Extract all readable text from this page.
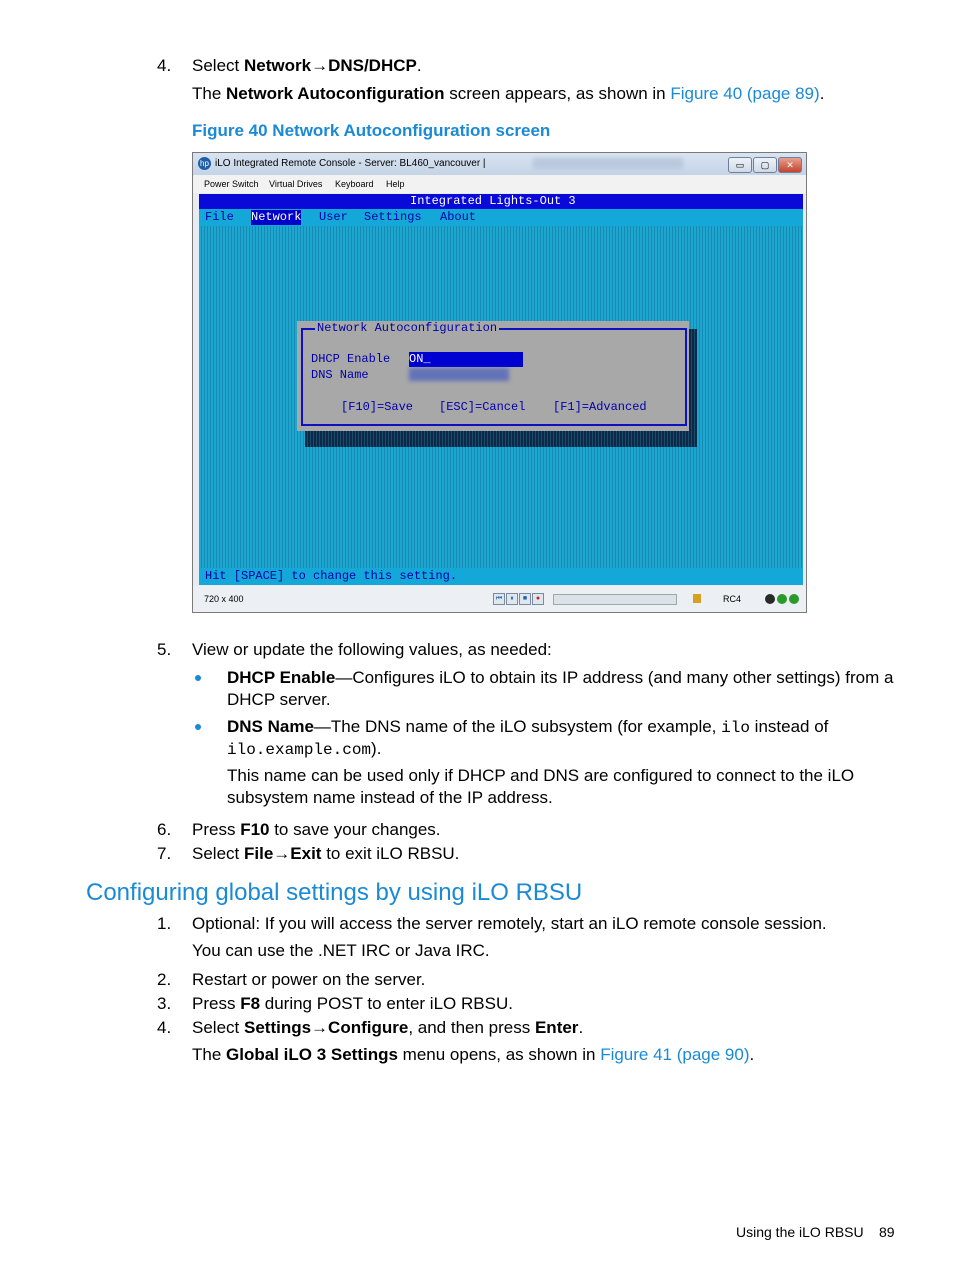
4. Select Network→DNS/DHCP.
The Network Autoconfiguration screen appears, as shown in Figure 40 (page 89).
Figure 40 Network Autoconfiguration screen
hp iLO Integrated Remote Console - Server: BL460_vancouver |	▭	▢	✕
Power Switch Virtual Drives Keyboard Help
Integrated Lights-Out 3
File Network User Settings About
Network Autoconfiguration
DHCP Enable ON_
DNS Name
[F10]=Save [ESC]=Cancel [F1]=Advanced
Hit [SPACE] to change this setting.
720 x 400	⏮	⏸	■	●	RC4
5. View or update the following values, as needed:
DHCP Enable—Configures iLO to obtain its IP address (and many other settings) from a
DHCP server.
DNS Name—The DNS name of the iLO subsystem (for example, ilo instead of
ilo.example.com).
This name can be used only if DHCP and DNS are configured to connect to the iLO
subsystem name instead of the IP address.
6. Press F10 to save your changes.
7. Select File→Exit to exit iLO RBSU.
Configuring global settings by using iLO RBSU
1. Optional: If you will access the server remotely, start an iLO remote console session.
You can use the .NET IRC or Java IRC.
2. Restart or power on the server.
3. Press F8 during POST to enter iLO RBSU.
4. Select Settings→Configure, and then press Enter.
The Global iLO 3 Settings menu opens, as shown in Figure 41 (page 90).
Using the iLO RBSU 89
